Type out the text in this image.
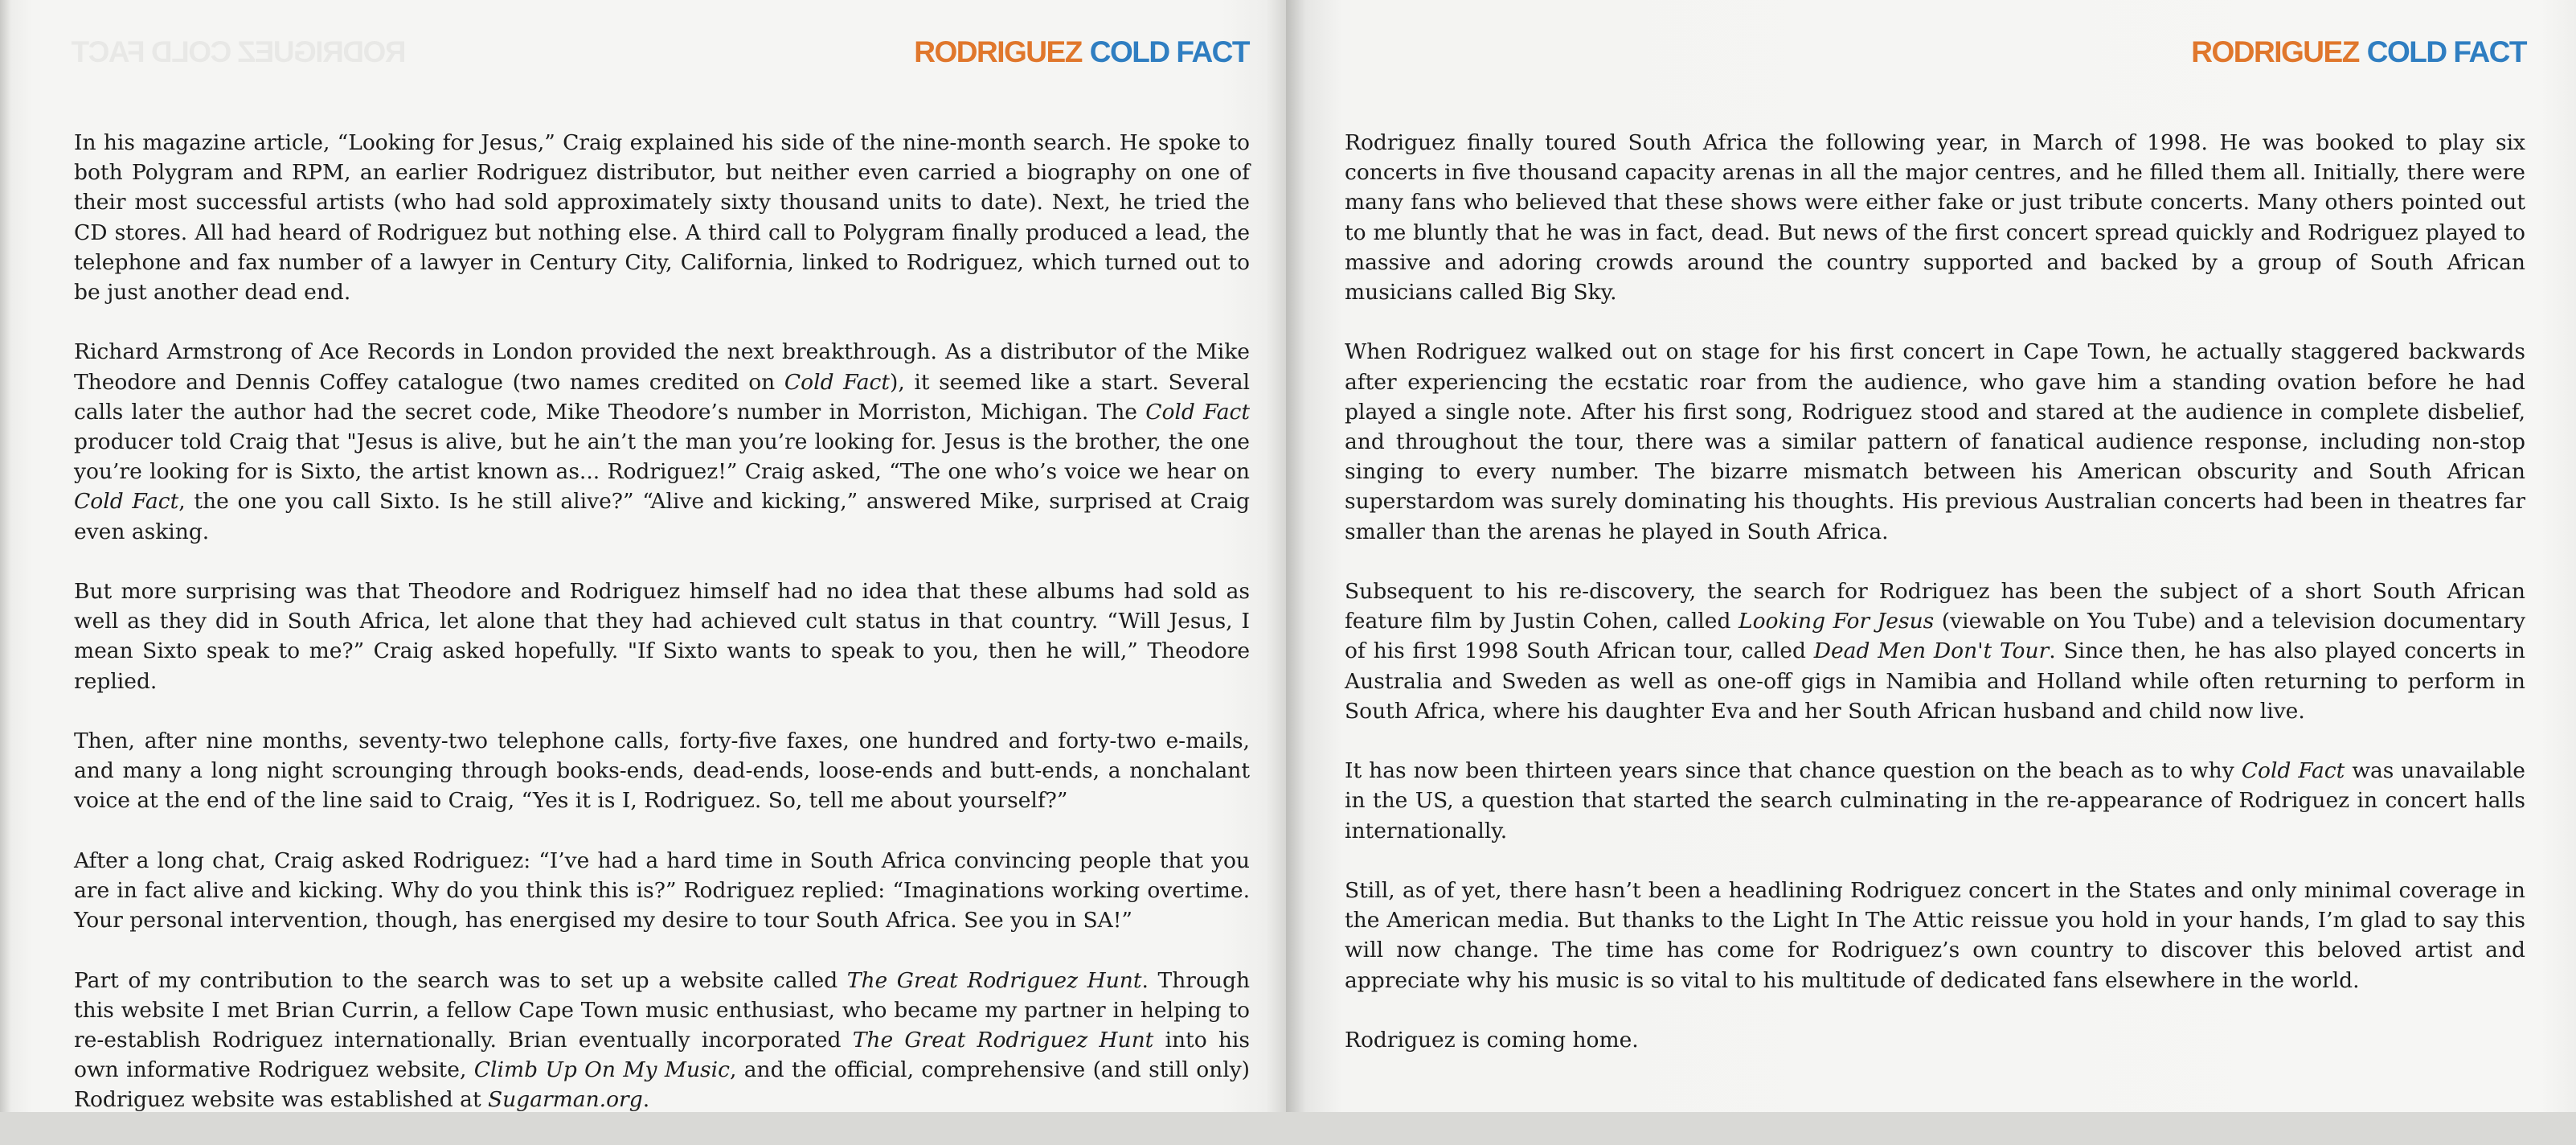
RODRIGUEZ COLD FACT	RODRIGUEZ COLD FACT

In his magazine article, “Looking for Jesus,” Craig explained his side of the nine-month search. He spoke to both Polygram and RPM, an earlier Rodriguez distributor, but neither even carried a biography on one of their most successful artists (who had sold approximately sixty thousand units to date). Next, he tried the CD stores. All had heard of Rodriguez but nothing else. A third call to Polygram finally produced a lead, the telephone and fax number of a lawyer in Century City, California, linked to Rodriguez, which turned out to be just another dead end.

Richard Armstrong of Ace Records in London provided the next breakthrough. As a distributor of the Mike Theodore and Dennis Coffey catalogue (two names credited on Cold Fact), it seemed like a start. Several calls later the author had the secret code, Mike Theodore’s number in Morriston, Michigan. The Cold Fact producer told Craig that "Jesus is alive, but he ain’t the man you’re looking for. Jesus is the brother, the one you’re looking for is Sixto, the artist known as... Rodriguez!” Craig asked, “The one who’s voice we hear on Cold Fact, the one you call Sixto. Is he still alive?” “Alive and kicking,” answered Mike, surprised at Craig even asking.

But more surprising was that Theodore and Rodriguez himself had no idea that these albums had sold as well as they did in South Africa, let alone that they had achieved cult status in that country. “Will Jesus, I mean Sixto speak to me?” Craig asked hopefully. "If Sixto wants to speak to you, then he will,” Theodore replied.

Then, after nine months, seventy-two telephone calls, forty-five faxes, one hundred and forty-two e-mails, and many a long night scrounging through books-ends, dead-ends, loose-ends and butt-ends, a nonchalant voice at the end of the line said to Craig, “Yes it is I, Rodriguez. So, tell me about yourself?”

After a long chat, Craig asked Rodriguez: “I’ve had a hard time in South Africa convincing people that you are in fact alive and kicking. Why do you think this is?” Rodriguez replied: “Imaginations working overtime. Your personal intervention, though, has energised my desire to tour South Africa. See you in SA!”

Part of my contribution to the search was to set up a website called The Great Rodriguez Hunt. Through this website I met Brian Currin, a fellow Cape Town music enthusiast, who became my partner in helping to re-establish Rodriguez internationally. Brian eventually incorporated The Great Rodriguez Hunt into his own informative Rodriguez website, Climb Up On My Music, and the official, comprehensive (and still only) Rodriguez website was established at Sugarman.org.

RODRIGUEZ COLD FACT

Rodriguez finally toured South Africa the following year, in March of 1998. He was booked to play six concerts in five thousand capacity arenas in all the major centres, and he filled them all. Initially, there were many fans who believed that these shows were either fake or just tribute concerts. Many others pointed out to me bluntly that he was in fact, dead. But news of the first concert spread quickly and Rodriguez played to massive and adoring crowds around the country supported and backed by a group of South African musicians called Big Sky.

When Rodriguez walked out on stage for his first concert in Cape Town, he actually staggered backwards after experiencing the ecstatic roar from the audience, who gave him a standing ovation before he had played a single note. After his first song, Rodriguez stood and stared at the audience in complete disbelief, and throughout the tour, there was a similar pattern of fanatical audience response, including non-stop singing to every number. The bizarre mismatch between his American obscurity and South African superstardom was surely dominating his thoughts. His previous Australian concerts had been in theatres far smaller than the arenas he played in South Africa.

Subsequent to his re-discovery, the search for Rodriguez has been the subject of a short South African feature film by Justin Cohen, called Looking For Jesus (viewable on You Tube) and a television documentary of his first 1998 South African tour, called Dead Men Don't Tour. Since then, he has also played concerts in Australia and Sweden as well as one-off gigs in Namibia and Holland while often returning to perform in South Africa, where his daughter Eva and her South African husband and child now live.

It has now been thirteen years since that chance question on the beach as to why Cold Fact was unavailable in the US, a question that started the search culminating in the re-appearance of Rodriguez in concert halls internationally.

Still, as of yet, there hasn’t been a headlining Rodriguez concert in the States and only minimal coverage in the American media. But thanks to the Light In The Attic reissue you hold in your hands, I’m glad to say this will now change. The time has come for Rodriguez’s own country to discover this beloved artist and appreciate why his music is so vital to his multitude of dedicated fans elsewhere in the world.

Rodriguez is coming home.
